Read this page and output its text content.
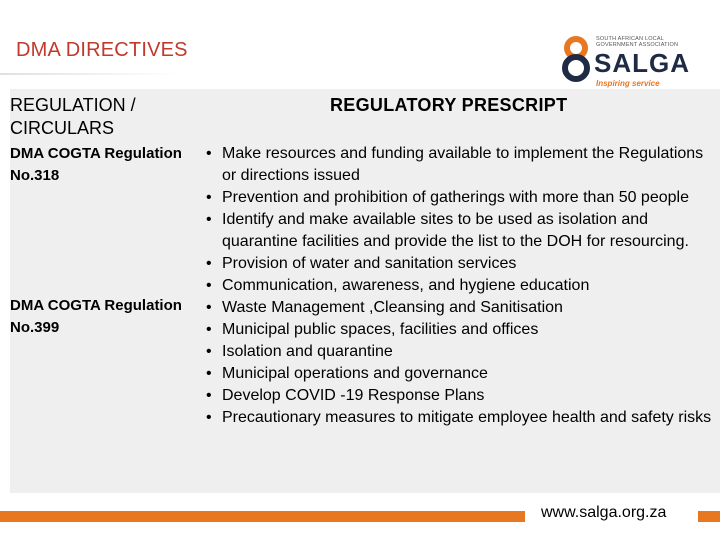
DMA DIRECTIVES	SOUTH AFRICAN LOCAL GOVERNMENT ASSOCIATION
SALGA
Inspiring service
REGULATION / CIRCULARS
REGULATORY PRESCRIPT
DMA COGTA Regulation No.318
DMA COGTA Regulation No.399
• Make resources and funding available to implement the Regulations or directions issued
• Prevention and prohibition of gatherings with more than 50 people
• Identify and make available sites to be used as isolation and quarantine facilities and provide the list to the DOH for resourcing.
• Provision of water and sanitation services
• Communication, awareness, and hygiene education
• Waste Management ,Cleansing and Sanitisation
• Municipal public spaces, facilities and offices
• Isolation and quarantine
• Municipal operations and governance
• Develop COVID -19 Response Plans
• Precautionary measures to mitigate employee health and safety risks
www.salga.org.za
